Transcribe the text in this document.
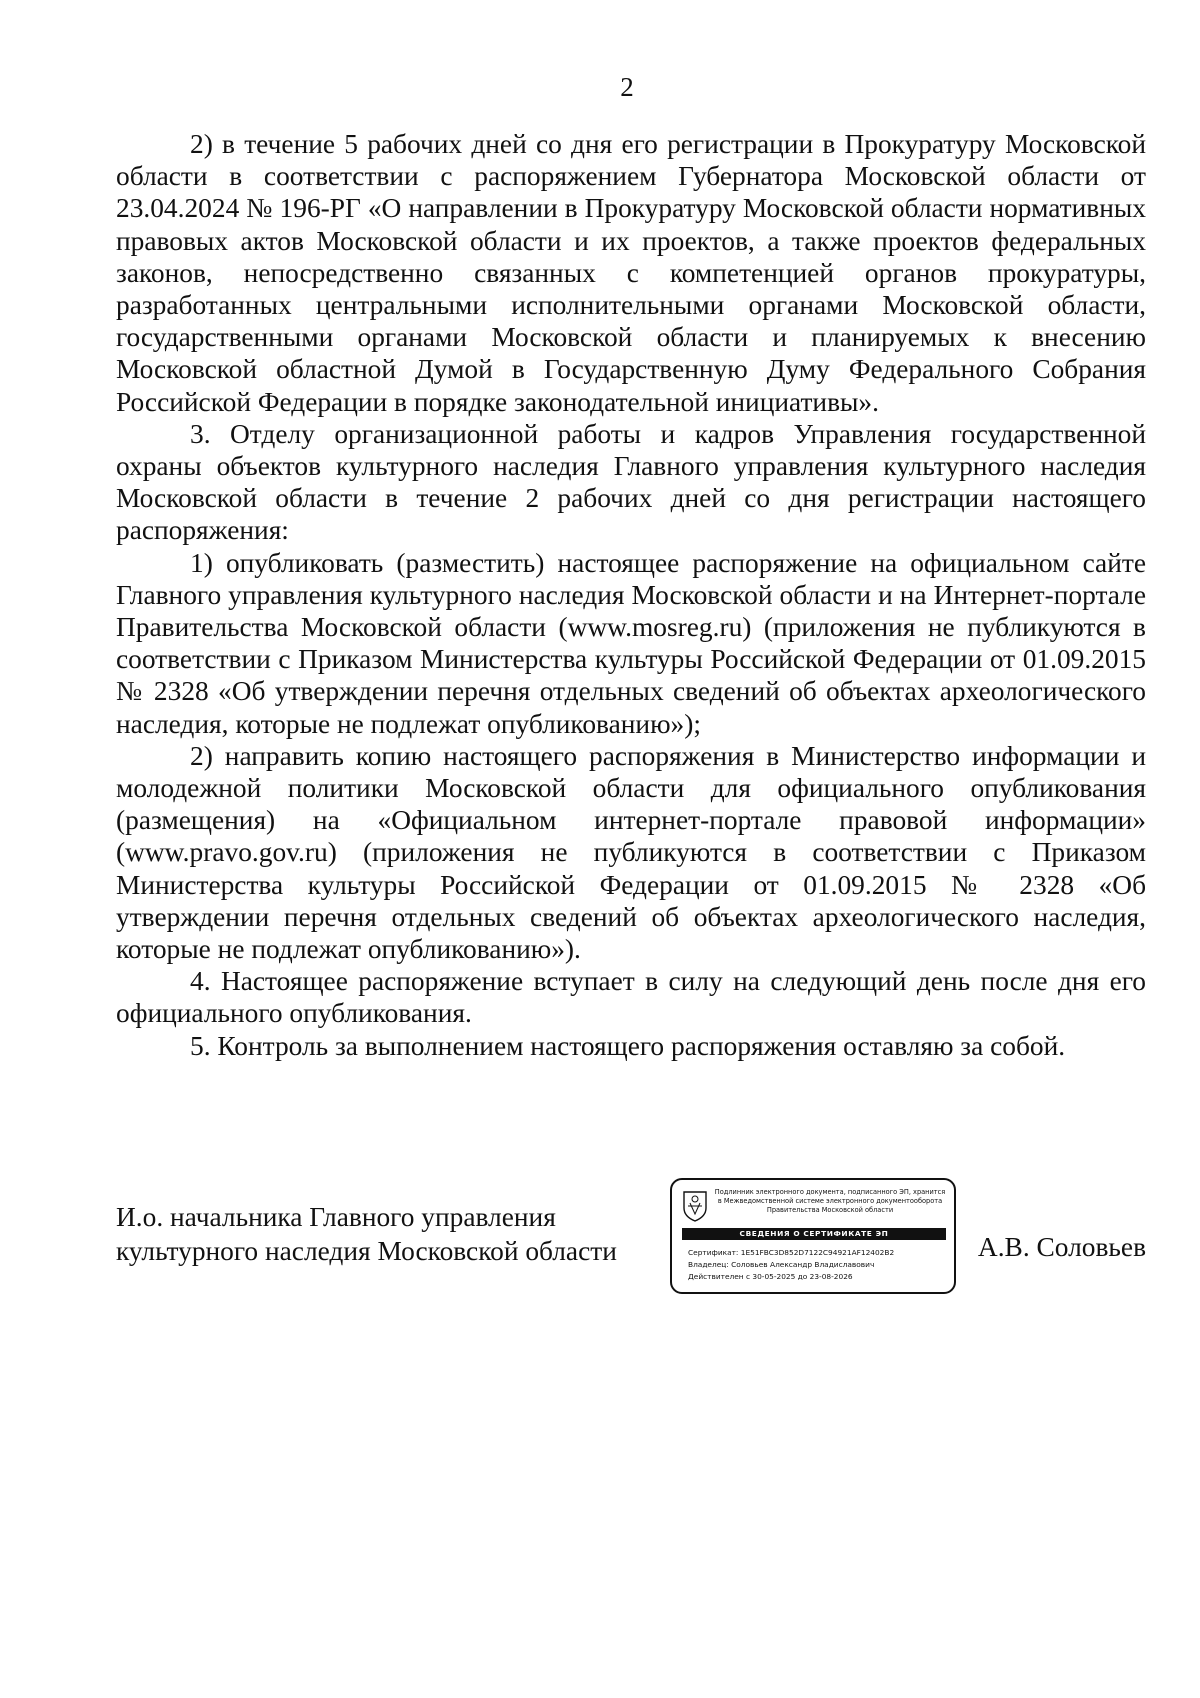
2

2) в течение 5 рабочих дней со дня его регистрации в Прокуратуру Московской области в соответствии с распоряжением Губернатора Московской области от 23.04.2024 № 196-РГ «О направлении в Прокуратуру Московской области нормативных правовых актов Московской области и их проектов, а также проектов федеральных законов, непосредственно связанных с компетенцией органов прокуратуры, разработанных центральными исполнительными органами Московской области, государственными органами Московской области и планируемых к внесению Московской областной Думой в Государственную Думу Федерального Собрания Российской Федерации в порядке законодательной инициативы».

3. Отделу организационной работы и кадров Управления государственной охраны объектов культурного наследия Главного управления культурного наследия Московской области в течение 2 рабочих дней со дня регистрации настоящего распоряжения:

1) опубликовать (разместить) настоящее распоряжение на официальном сайте Главного управления культурного наследия Московской области и на Интернет-портале Правительства Московской области (www.mosreg.ru) (приложения не публикуются в соответствии с Приказом Министерства культуры Российской Федерации от 01.09.2015 № 2328 «Об утверждении перечня отдельных сведений об объектах археологического наследия, которые не подлежат опубликованию»);

2) направить копию настоящего распоряжения в Министерство информации и молодежной политики Московской области для официального опубликования (размещения) на «Официальном интернет-портале правовой информации» (www.pravo.gov.ru) (приложения не публикуются в соответствии с Приказом Министерства культуры Российской Федерации от 01.09.2015 № 2328 «Об утверждении перечня отдельных сведений об объектах археологического наследия, которые не подлежат опубликованию»).

4. Настоящее распоряжение вступает в силу на следующий день после дня его официального опубликования.

5. Контроль за выполнением настоящего распоряжения оставляю за собой.

И.о. начальника Главного управления
культурного наследия Московской области
Подлинник электронного документа, подписанного ЭП, хранится в Межведомственной системе электронного документооборота Правительства Московской области
СВЕДЕНИЯ О СЕРТИФИКАТЕ ЭП
Сертификат: 1E51FBC3D852D7122C94921AF12402B2
Владелец: Соловьев Александр Владиславович
Действителен с 30-05-2025 до 23-08-2026
А.В. Соловьев
